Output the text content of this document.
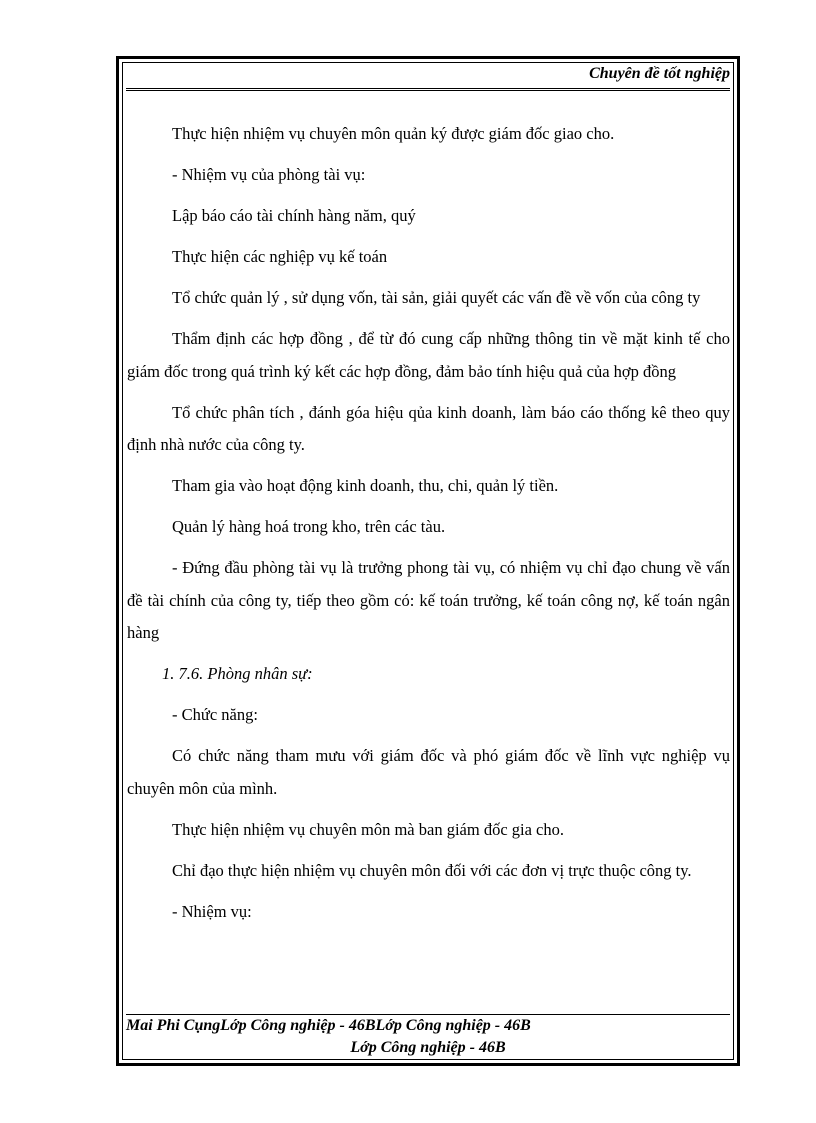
Chuyên đề tốt nghiệp

Thực hiện nhiệm vụ chuyên môn quản ký được giám đốc giao cho.

- Nhiệm vụ của phòng tài vụ:

Lập báo cáo tài chính hàng năm, quý

Thực hiện các nghiệp vụ kế toán

Tổ chức quản lý , sử dụng vốn, tài sản, giải quyết các vấn đề về vốn của công ty

Thẩm định các hợp đồng , để từ đó cung cấp những thông tin về mặt kinh tế cho giám đốc trong quá trình ký kết các hợp đồng, đảm bảo tính hiệu quả của hợp đồng

Tổ chức phân tích , đánh góa hiệu qủa kinh doanh, làm báo cáo thống kê theo quy định nhà nước của công ty.

Tham gia vào hoạt động kinh doanh, thu, chi, quản lý tiền.

Quản lý hàng hoá trong kho, trên các tàu.

- Đứng đầu phòng tài vụ là trưởng phong tài vụ, có nhiệm vụ chỉ đạo chung về vấn đề tài chính của công ty, tiếp theo gồm có: kế toán trưởng, kế toán công nợ, kế toán ngân hàng

1. 7.6. Phòng nhân sự:

- Chức năng:

Có chức năng tham mưu với giám đốc và phó giám đốc về lĩnh vực nghiệp vụ chuyên môn của mình.

Thực hiện nhiệm vụ chuyên môn mà ban giám đốc gia cho.

Chỉ đạo thực hiện nhiệm vụ chuyên môn đối với các đơn vị trực thuộc công ty.

- Nhiệm vụ:

Mai Phi CụngLớp Công nghiệp - 46BLớp Công nghiệp - 46B
Lớp Công nghiệp - 46B
